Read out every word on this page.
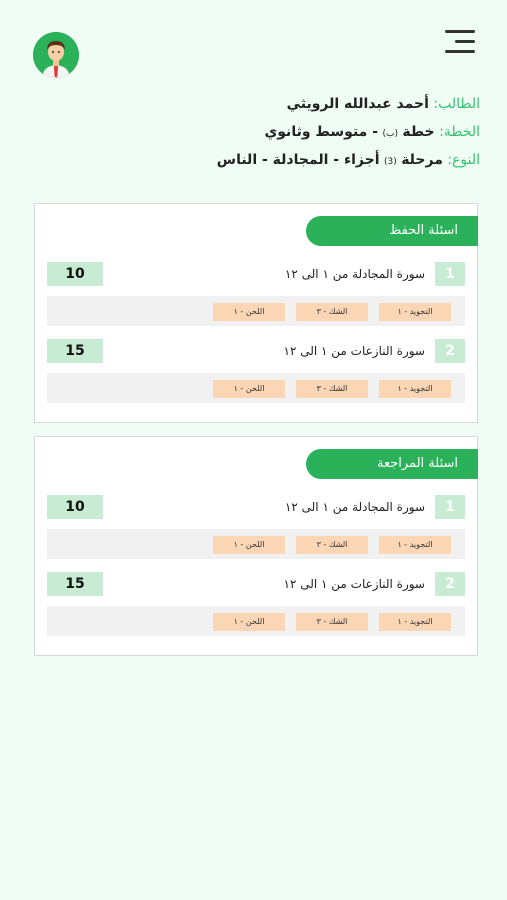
الطالب: أحمد عبدالله الرويثي
الخطة: خطة (ب) - متوسط وثانوي
النوع: مرحلة (3) أجزاء - المجادلة - الناس
اسئلة الحفظ
1
سورة المجادلة من ١ الى ١٢
10
التجويد - ١
الشك - ٣
اللحن - ١
2
سورة النازعات من ١ الى ١٢
15
التجويد - ١
الشك - ٣
اللحن - ١
اسئلة المراجعة
1
سورة المجادلة من ١ الى ١٢
10
التجويد - ١
الشك - ٣
اللحن - ١
2
سورة النازعات من ١ الى ١٢
15
التجويد - ١
الشك - ٣
اللحن - ١
